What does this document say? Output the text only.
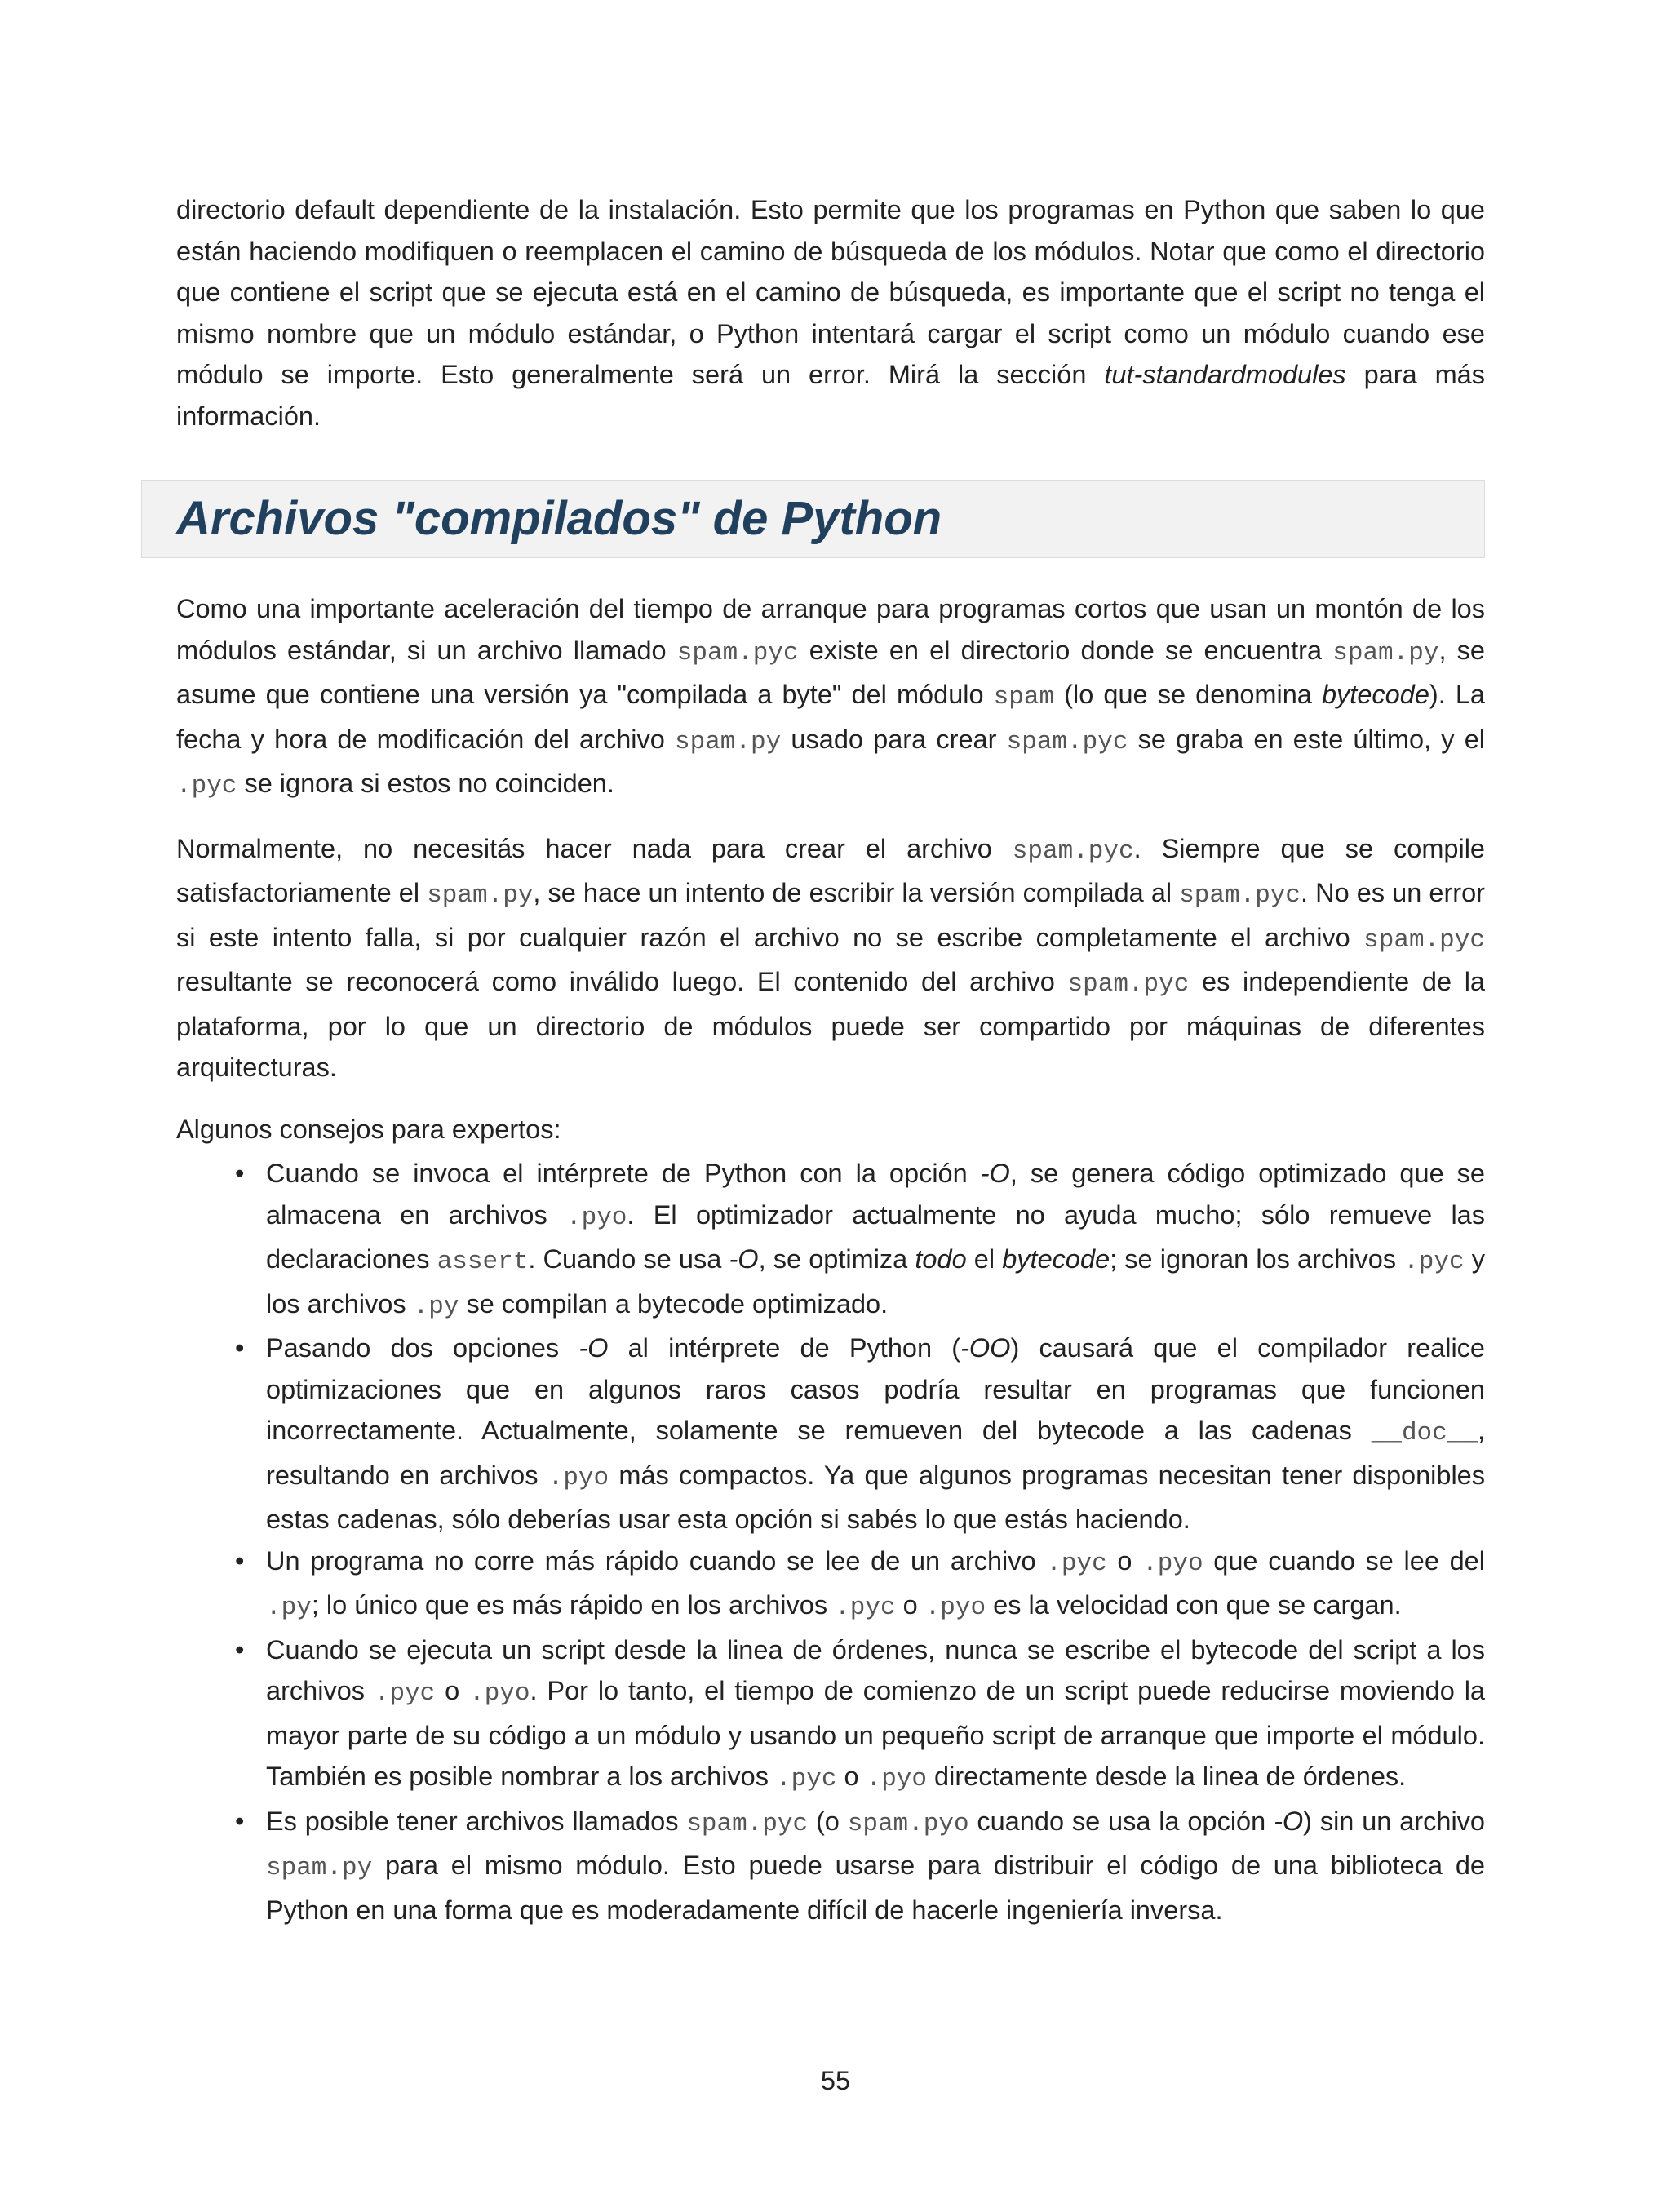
directorio default dependiente de la instalación. Esto permite que los programas en Python que saben lo que están haciendo modifiquen o reemplacen el camino de búsqueda de los módulos. Notar que como el directorio que contiene el script que se ejecuta está en el camino de búsqueda, es importante que el script no tenga el mismo nombre que un módulo estándar, o Python intentará cargar el script como un módulo cuando ese módulo se importe. Esto generalmente será un error. Mirá la sección tut-standardmodules para más información.

Archivos "compilados" de Python

Como una importante aceleración del tiempo de arranque para programas cortos que usan un montón de los módulos estándar, si un archivo llamado spam.pyc existe en el directorio donde se encuentra spam.py, se asume que contiene una versión ya "compilada a byte" del módulo spam (lo que se denomina bytecode). La fecha y hora de modificación del archivo spam.py usado para crear spam.pyc se graba en este último, y el .pyc se ignora si estos no coinciden.

Normalmente, no necesitás hacer nada para crear el archivo spam.pyc. Siempre que se compile satisfactoriamente el spam.py, se hace un intento de escribir la versión compilada al spam.pyc. No es un error si este intento falla, si por cualquier razón el archivo no se escribe completamente el archivo spam.pyc resultante se reconocerá como inválido luego. El contenido del archivo spam.pyc es independiente de la plataforma, por lo que un directorio de módulos puede ser compartido por máquinas de diferentes arquitecturas.

Algunos consejos para expertos:

• Cuando se invoca el intérprete de Python con la opción -O, se genera código optimizado que se almacena en archivos .pyo. El optimizador actualmente no ayuda mucho; sólo remueve las declaraciones assert. Cuando se usa -O, se optimiza todo el bytecode; se ignoran los archivos .pyc y los archivos .py se compilan a bytecode optimizado.
• Pasando dos opciones -O al intérprete de Python (-OO) causará que el compilador realice optimizaciones que en algunos raros casos podría resultar en programas que funcionen incorrectamente. Actualmente, solamente se remueven del bytecode a las cadenas __doc__, resultando en archivos .pyo más compactos. Ya que algunos programas necesitan tener disponibles estas cadenas, sólo deberías usar esta opción si sabés lo que estás haciendo.
• Un programa no corre más rápido cuando se lee de un archivo .pyc o .pyo que cuando se lee del .py; lo único que es más rápido en los archivos .pyc o .pyo es la velocidad con que se cargan.
• Cuando se ejecuta un script desde la linea de órdenes, nunca se escribe el bytecode del script a los archivos .pyc o .pyo. Por lo tanto, el tiempo de comienzo de un script puede reducirse moviendo la mayor parte de su código a un módulo y usando un pequeño script de arranque que importe el módulo. También es posible nombrar a los archivos .pyc o .pyo directamente desde la linea de órdenes.
• Es posible tener archivos llamados spam.pyc (o spam.pyo cuando se usa la opción -O) sin un archivo spam.py para el mismo módulo. Esto puede usarse para distribuir el código de una biblioteca de Python en una forma que es moderadamente difícil de hacerle ingeniería inversa.
55
